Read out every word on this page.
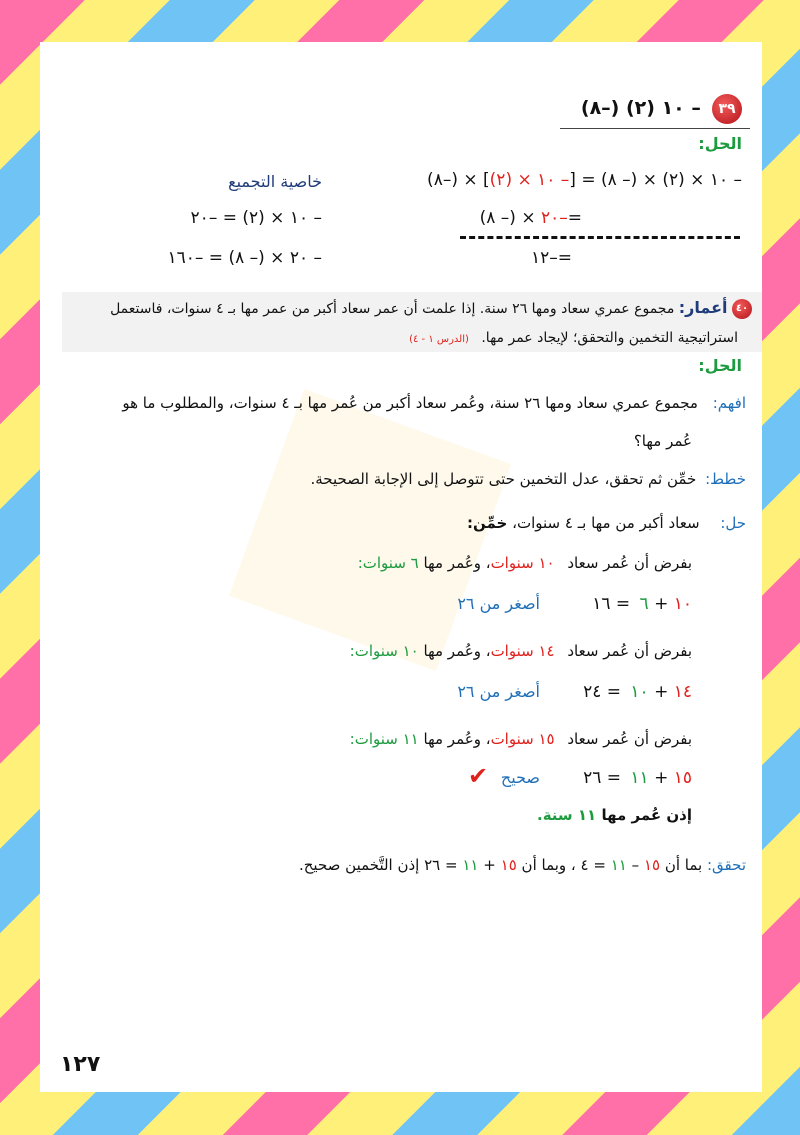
٣٩ – ١٠ (٢) (–٨)
الحل:
– ١٠ × (٢) × (– ٨) = [– ١٠ × (٢)] × (–٨)
خاصية التجميع
=–٢٠ × (– ٨)
– ١٠ × (٢) = –٢٠
=–١٢
– ٢٠ × (– ٨) = –١٦٠
٤٠ أعمار: مجموع عمري سعاد ومها ٢٦ سنة. إذا علمت أن عمر سعاد أكبر من عمر مها بـ ٤ سنوات، فاستعمل
استراتيجية التخمين والتحقق؛ لإيجاد عمر مها. (الدرس ١ - ٤)
الحل:
افهم: مجموع عمري سعاد ومها ٢٦ سنة، وعُمر سعاد أكبر من عُمر مها بـ ٤ سنوات، والمطلوب ما هو
عُمر مها؟
خطط: خمِّن ثم تحقق، عدل التخمين حتى تتوصل إلى الإجابة الصحيحة.
حل: سعاد أكبر من مها بـ ٤ سنوات، خمِّن:
بفرض أن عُمر سعاد ١٠ سنوات، وعُمر مها ٦ سنوات:
١٠ + ٦ = ١٦
أصغر من ٢٦
بفرض أن عُمر سعاد ١٤ سنوات، وعُمر مها ١٠ سنوات:
١٤ + ١٠ = ٢٤
أصغر من ٢٦
بفرض أن عُمر سعاد ١٥ سنوات، وعُمر مها ١١ سنوات:
١٥ + ١١ = ٢٦
صحيح
✔
إذن عُمر مها ١١ سنة.
تحقق: بما أن ١٥ – ١١ = ٤ ، وبما أن ١٥ + ١١ = ٢٦ إذن التَّخمين صحيح.
١٢٧
